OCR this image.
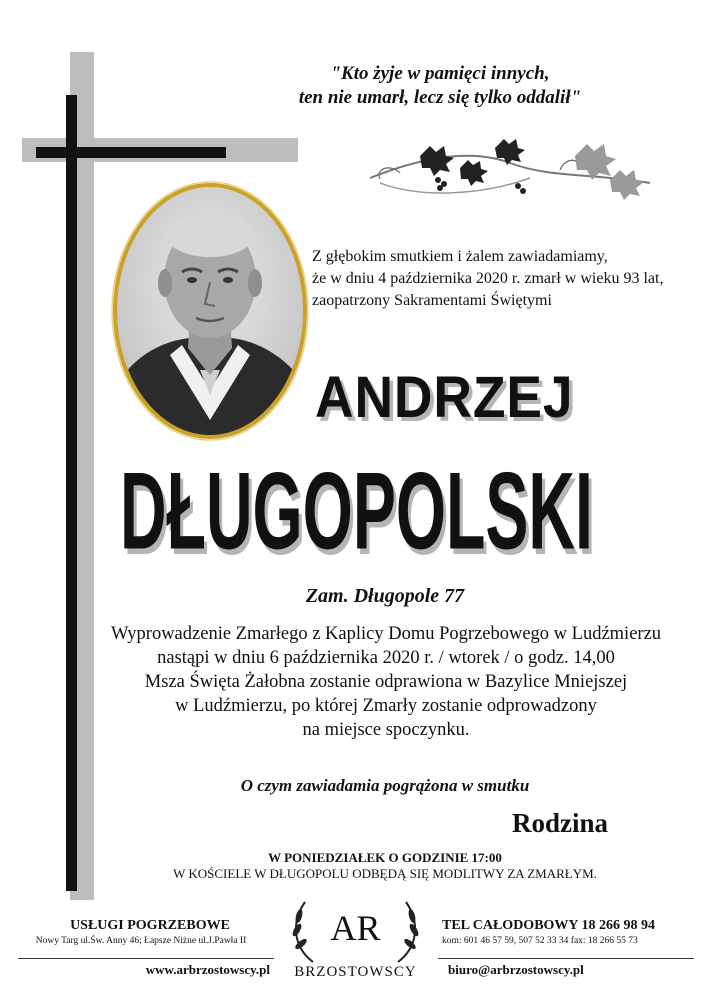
"Kto żyje w pamięci innych,
ten nie umarł, lecz się tylko oddalił"
Z głębokim smutkiem i żalem zawiadamiamy,
że w dniu 4 października 2020 r. zmarł w wieku 93 lat,
zaopatrzony Sakramentami Świętymi
ANDRZEJ
DŁUGOPOLSKI
Zam. Długopole 77
Wyprowadzenie Zmarłego z Kaplicy Domu Pogrzebowego w Ludźmierzu
nastąpi w dniu 6 października 2020 r. / wtorek / o godz. 14,00
Msza Święta Żałobna zostanie odprawiona w Bazylice Mniejszej
w Ludźmierzu, po której Zmarły zostanie odprowadzony
na miejsce spoczynku.
O czym zawiadamia pogrążona w smutku
Rodzina
W PONIEDZIAŁEK O GODZINIE 17:00
W KOŚCIELE W DŁUGOPOLU ODBĘDĄ SIĘ MODLITWY ZA ZMARŁYM.
USŁUGI POGRZEBOWE
Nowy Targ ul.Św. Anny 46; Łapsze Niżne ul.J.Pawła II
TEL CAŁODOBOWY 18 266 98 94
kom: 601 46 57 59, 507 52 33 34 fax: 18 266 55 73
www.arbrzostowscy.pl	biuro@arbrzostowscy.pl
AR
BRZOSTOWSCY
